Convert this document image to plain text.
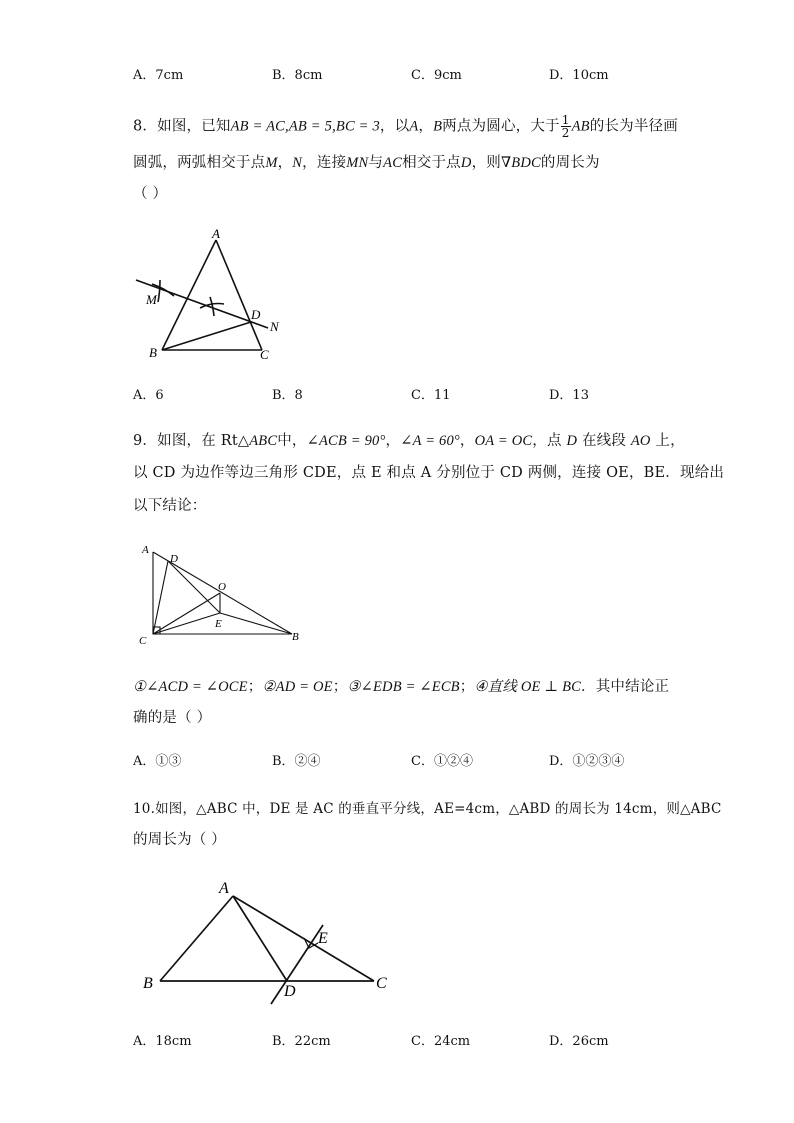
A．7cm	B．8cm	C．9cm	D．10cm
8．如图，已知AB = AC,AB = 5,BC = 3，以A，B两点为圆心，大于 $\frac{1}{2}$ AB的长为半径画
圆弧，两弧相交于点M，N，连接MN与AC相交于点D，则∇BDC的周长为
（ ）
A
M
D
N
B	C
A．6	B．8	C．11	D．13
9．如图，在 Rt△ABC中，∠ACB = 90°，∠A = 60°，OA = OC，点 D 在线段 AO 上，
以 CD 为边作等边三角形 CDE，点 E 和点 A 分别位于 CD 两侧，连接 OE，BE．现给出
以下结论：
A
D
O
E
C	B
①∠ACD = ∠OCE；②AD = OE；③∠EDB = ∠ECB；④直线 OE ⊥ BC．其中结论正
确的是（ ）
A．①③	B．②④	C．①②④	D．①②③④
10.如图，△ABC 中，DE 是 AC 的垂直平分线，AE=4cm，△ABD 的周长为 14cm，则△ABC
的周长为（ ）
A
B	D
E
C
A．18cm	B．22cm	C．24cm	D．26cm
